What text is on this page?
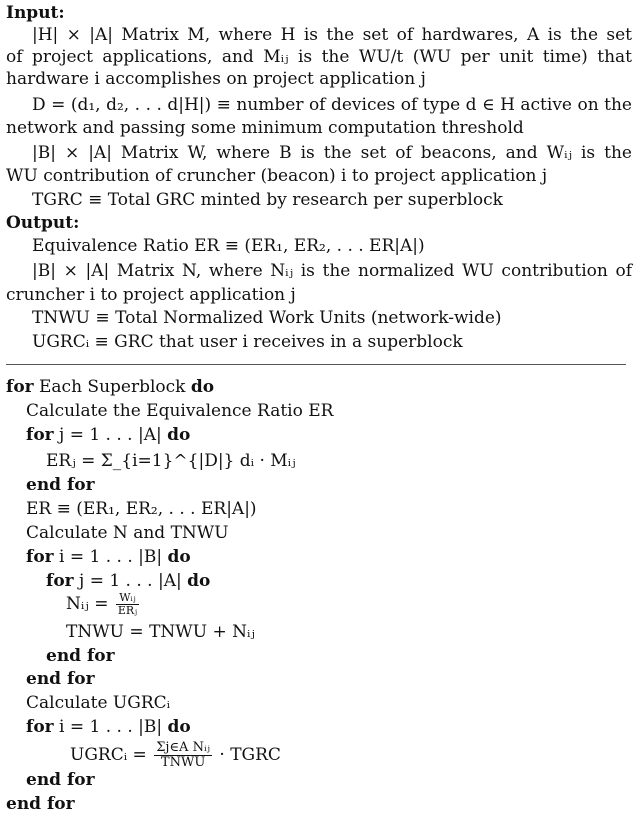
Input:
|H| × |A| Matrix M, where H is the set of hardwares, A is the set
of project applications, and Mᵢⱼ is the WU/t (WU per unit time) that
hardware i accomplishes on project application j
D = (d₁, d₂, . . . d|H|) ≡ number of devices of type d ∈ H active on the
network and passing some minimum computation threshold
|B| × |A| Matrix W, where B is the set of beacons, and Wᵢⱼ is the
WU contribution of cruncher (beacon) i to project application j
TGRC ≡ Total GRC minted by research per superblock
Output:
Equivalence Ratio ER ≡ (ER₁, ER₂, . . . ER|A|)
|B| × |A| Matrix N, where Nᵢⱼ is the normalized WU contribution of
cruncher i to project application j
TNWU ≡ Total Normalized Work Units (network-wide)
UGRCᵢ ≡ GRC that user i receives in a superblock
for Each Superblock do
Calculate the Equivalence Ratio ER
for j = 1 . . . |A| do
ERⱼ = Σ_{i=1}^{|D|} dᵢ · Mᵢⱼ
end for
ER ≡ (ER₁, ER₂, . . . ER|A|)
Calculate N and TNWU
for i = 1 . . . |B| do
for j = 1 . . . |A| do
Nᵢⱼ = $\frac{\text{Wᵢⱼ}}{\text{ERⱼ}}$
TNWU = TNWU + Nᵢⱼ
end for
end for
Calculate UGRCᵢ
for i = 1 . . . |B| do
UGRCᵢ = $\frac{\text{Σj∈A Nᵢⱼ}}{\text{TNWU}}$ · TGRC
end for
end for
